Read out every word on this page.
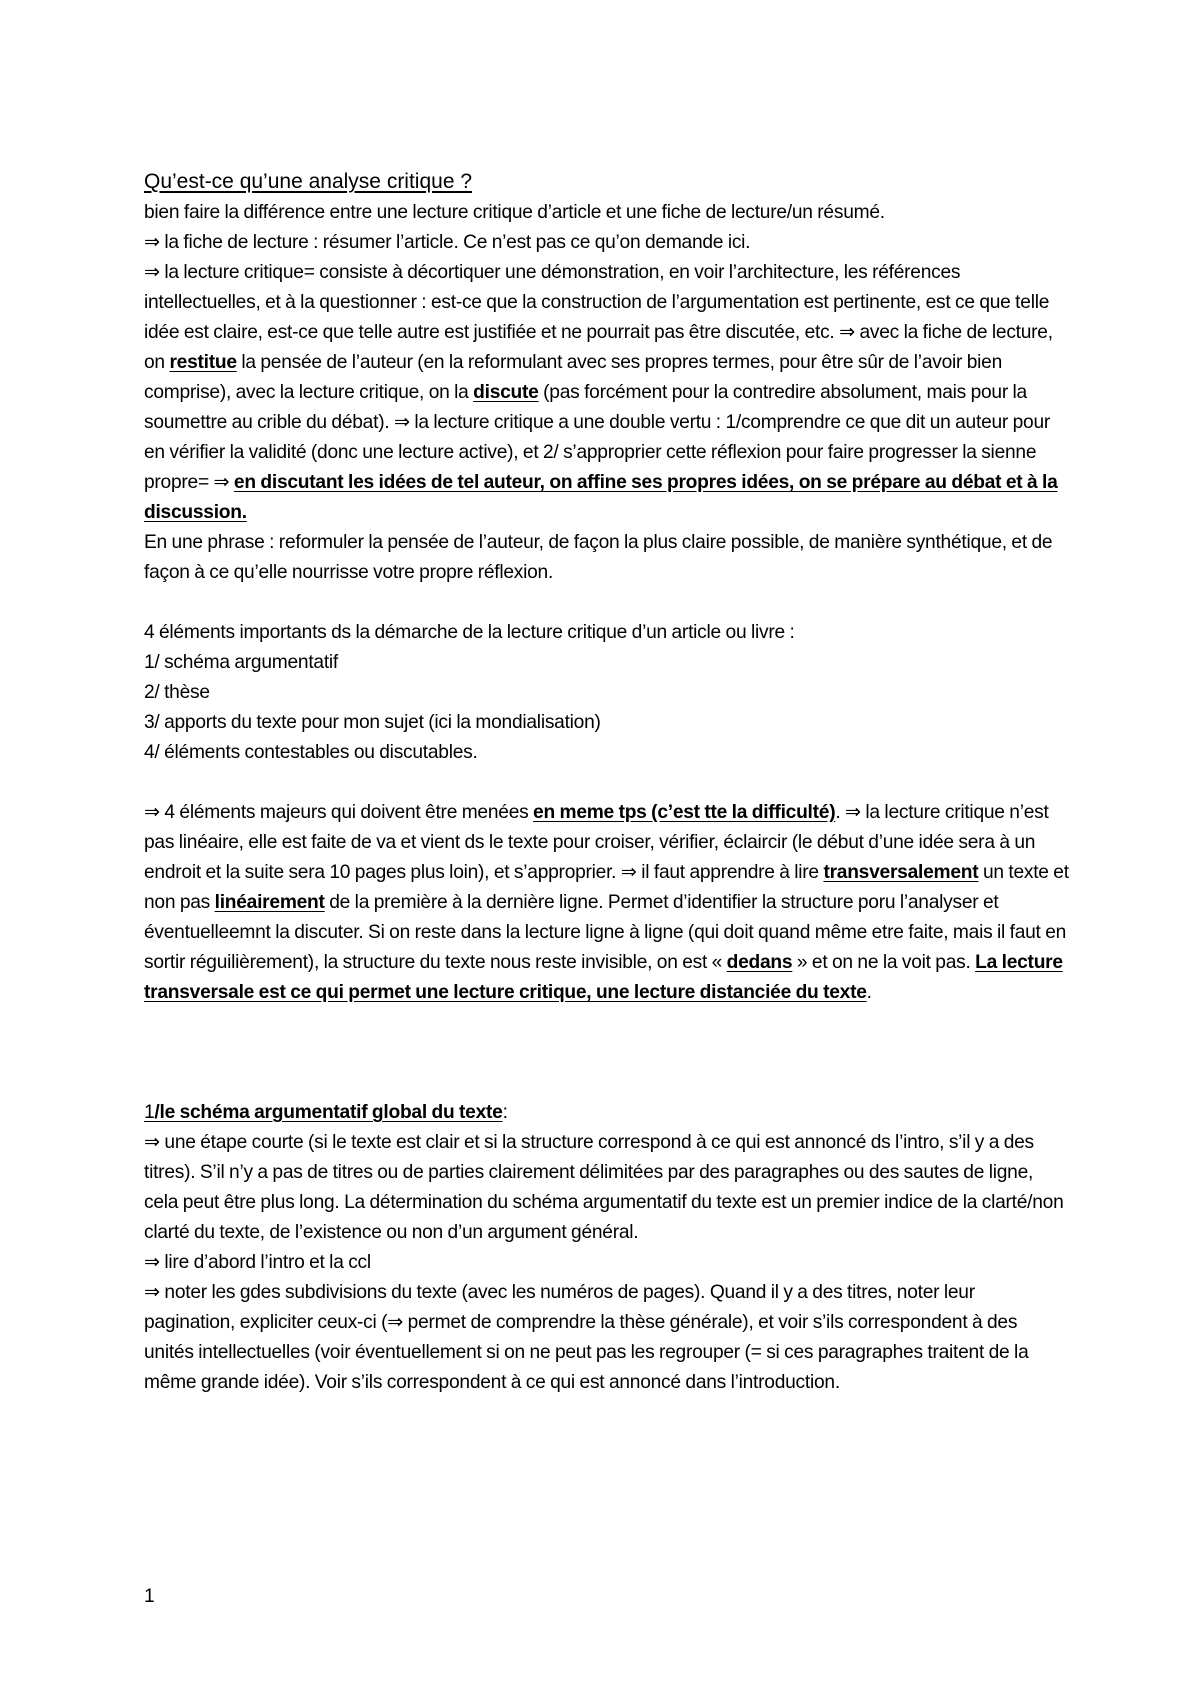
Qu’est-ce qu’une analyse critique ?

bien faire la différence entre une lecture critique d’article et une fiche de lecture/un résumé.

⇒ la fiche de lecture : résumer l’article. Ce n’est pas ce qu’on demande ici.

⇒ la lecture critique= consiste à décortiquer une démonstration, en voir l’architecture, les références intellectuelles, et à la questionner : est-ce que la construction de l’argumentation est pertinente, est ce que telle idée est claire, est-ce que telle autre est justifiée et ne pourrait pas être discutée, etc. ⇒ avec la fiche de lecture, on restitue la pensée de l’auteur (en la reformulant avec ses propres termes, pour être sûr de l’avoir bien comprise), avec la lecture critique, on la discute (pas forcément pour la contredire absolument, mais pour la soumettre au crible du débat). ⇒ la lecture critique a une double vertu : 1/comprendre ce que dit un auteur pour en vérifier la validité (donc une lecture active), et 2/ s’approprier cette réflexion pour faire progresser la sienne propre= ⇒ en discutant les idées de tel auteur, on affine ses propres idées, on se prépare au débat et à la discussion.

En une phrase : reformuler la pensée de l’auteur, de façon la plus claire possible, de manière synthétique, et de façon à ce qu’elle nourrisse votre propre réflexion.

4 éléments importants ds la démarche de la lecture critique d’un article ou livre :

1/ schéma argumentatif

2/ thèse

3/ apports du texte pour mon sujet (ici la mondialisation)

4/ éléments contestables ou discutables.

⇒ 4 éléments majeurs qui doivent être menées en meme tps (c’est tte la difficulté). ⇒ la lecture critique n’est pas linéaire, elle est faite de va et vient ds le texte pour croiser, vérifier, éclaircir (le début d’une idée sera à un endroit et la suite sera 10 pages plus loin), et s’approprier. ⇒ il faut apprendre à lire transversalement un texte et non pas linéairement de la première à la dernière ligne. Permet d’identifier la structure poru l’analyser et éventuelleemnt la discuter. Si on reste dans la lecture ligne à ligne (qui doit quand même etre faite, mais il faut en sortir réguilièrement), la structure du texte nous reste invisible, on est « dedans » et on ne la voit pas. La lecture transversale est ce qui permet une lecture critique, une lecture distanciée du texte.

1/le schéma argumentatif global du texte:

⇒ une étape courte (si le texte est clair et si la structure correspond à ce qui est annoncé ds l’intro, s’il y a des titres). S’il n’y a pas de titres ou de parties clairement délimitées par des paragraphes ou des sautes de ligne, cela peut être plus long. La détermination du schéma argumentatif du texte est un premier indice de la clarté/non clarté du texte, de l’existence ou non d’un argument général.

⇒ lire d’abord l’intro et la ccl

⇒ noter les gdes subdivisions du texte (avec les numéros de pages). Quand il y a des titres, noter leur pagination, expliciter ceux-ci (⇒ permet de comprendre la thèse générale), et voir s’ils correspondent à des unités intellectuelles (voir éventuellement si on ne peut pas les regrouper (= si ces paragraphes traitent de la même grande idée). Voir s’ils correspondent à ce qui est annoncé dans l’introduction.

1
